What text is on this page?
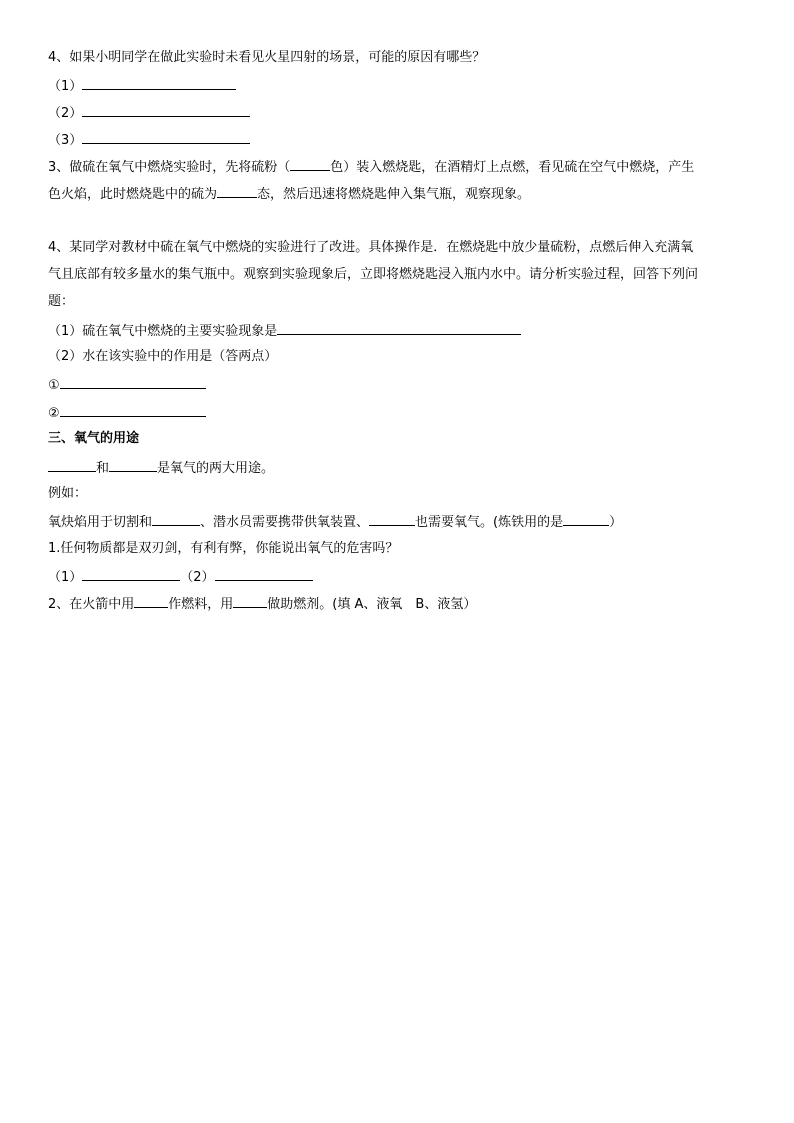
4、如果小明同学在做此实验时未看见火星四射的场景，可能的原因有哪些？
（1）
（2）
（3）
3、做硫在氧气中燃烧实验时，先将硫粉（	色）装入燃烧匙，在酒精灯上点燃，看见硫在空气中燃烧，产生
色火焰，此时燃烧匙中的硫为	态，然后迅速将燃烧匙伸入集气瓶，观察现象。
4、某同学对教材中硫在氧气中燃烧的实验进行了改进。具体操作是．在燃烧匙中放少量硫粉，点燃后伸入充满氧
题：
（1）硫在氧气中燃烧的主要实验现象是
（2）水在该实验中的作用是（答两点）
①
②
三、氧气的用途
和	是氧气的两大用途。
例如：
氧炔焰用于切割和	、潜水员需要携带供氧装置、	也需要氧气。(炼铁用的是	）
1.任何物质都是双刃剑，有利有弊，你能说出氧气的危害吗？
（1）	（2）
2、在火箭中用	作燃料，用	做助燃剂。(填 A、液氧　B、液氢）
气且底部有较多量水的集气瓶中。观察到实验现象后，立即将燃烧匙浸入瓶内水中。请分析实验过程，回答下列问
